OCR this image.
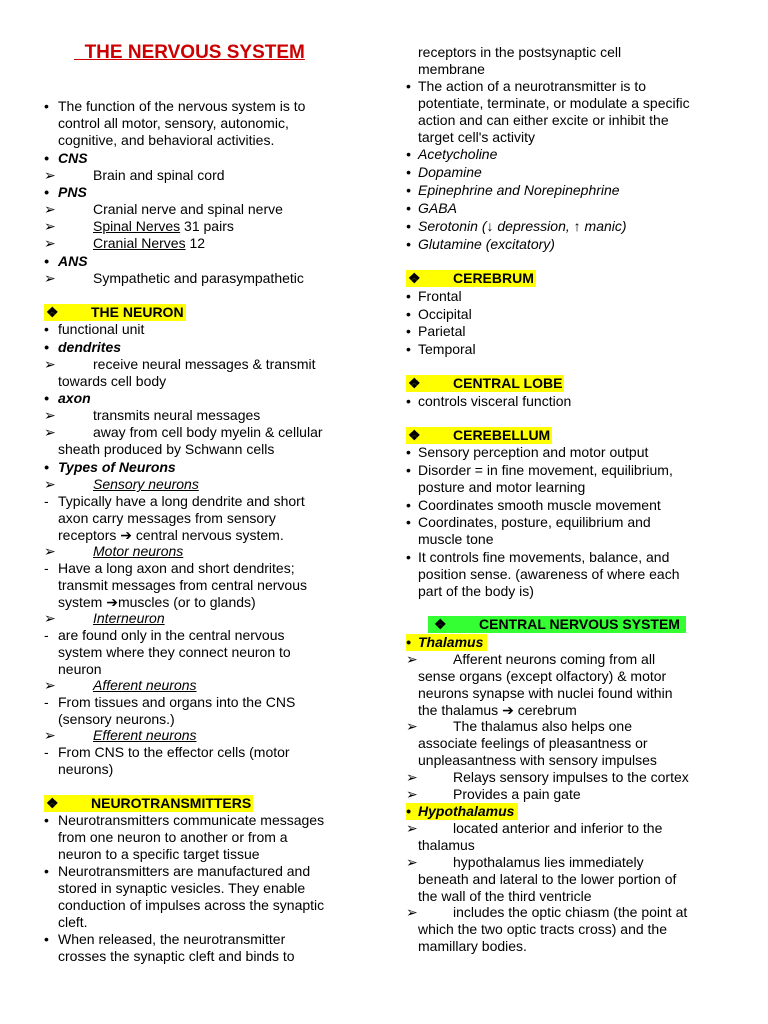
THE NERVOUS SYSTEM
• The function of the nervous system is to
control all motor, sensory, autonomic,
cognitive, and behavioral activities.
• CNS
➢	Brain and spinal cord
• PNS
➢	Cranial nerve and spinal nerve
➢	Spinal Nerves 31 pairs
➢	Cranial Nerves 12
• ANS
➢	Sympathetic and parasympathetic
❖ THE NEURON
• functional unit
• dendrites
➢	receive neural messages & transmit
towards cell body
• axon
➢	transmits neural messages
➢	away from cell body myelin & cellular
sheath produced by Schwann cells
• Types of Neurons
➢	Sensory neurons
- Typically have a long dendrite and short
axon carry messages from sensory
receptors ➔ central nervous system.
➢	Motor neurons
- Have a long axon and short dendrites;
transmit messages from central nervous
system ➔muscles (or to glands)
➢	Interneuron
- are found only in the central nervous
system where they connect neuron to
neuron
➢	Afferent neurons
- From tissues and organs into the CNS
(sensory neurons.)
➢	Efferent neurons
- From CNS to the effector cells (motor
neurons)
❖ NEUROTRANSMITTERS
• Neurotransmitters communicate messages
from one neuron to another or from a
neuron to a specific target tissue
• Neurotransmitters are manufactured and
stored in synaptic vesicles. They enable
conduction of impulses across the synaptic
cleft.
• When released, the neurotransmitter
crosses the synaptic cleft and binds to
receptors in the postsynaptic cell
membrane
• The action of a neurotransmitter is to
potentiate, terminate, or modulate a specific
action and can either excite or inhibit the
target cell's activity
• Acetycholine
• Dopamine
• Epinephrine and Norepinephrine
• GABA
• Serotonin (↓ depression, ↑ manic)
• Glutamine (excitatory)
❖ CEREBRUM
• Frontal
• Occipital
• Parietal
• Temporal
❖ CENTRAL LOBE
• controls visceral function
❖ CEREBELLUM
• Sensory perception and motor output
• Disorder = in fine movement, equilibrium,
posture and motor learning
• Coordinates smooth muscle movement
• Coordinates, posture, equilibrium and
muscle tone
• It controls fine movements, balance, and
position sense. (awareness of where each
part of the body is)
❖ CENTRAL NERVOUS SYSTEM
• Thalamus
➢	Afferent neurons coming from all
sense organs (except olfactory) & motor
neurons synapse with nuclei found within
the thalamus ➔ cerebrum
➢	The thalamus also helps one
associate feelings of pleasantness or
unpleasantness with sensory impulses
➢	Relays sensory impulses to the cortex
➢	Provides a pain gate
• Hypothalamus
➢	located anterior and inferior to the
thalamus
➢	hypothalamus lies immediately
beneath and lateral to the lower portion of
the wall of the third ventricle
➢	includes the optic chiasm (the point at
which the two optic tracts cross) and the
mamillary bodies.
